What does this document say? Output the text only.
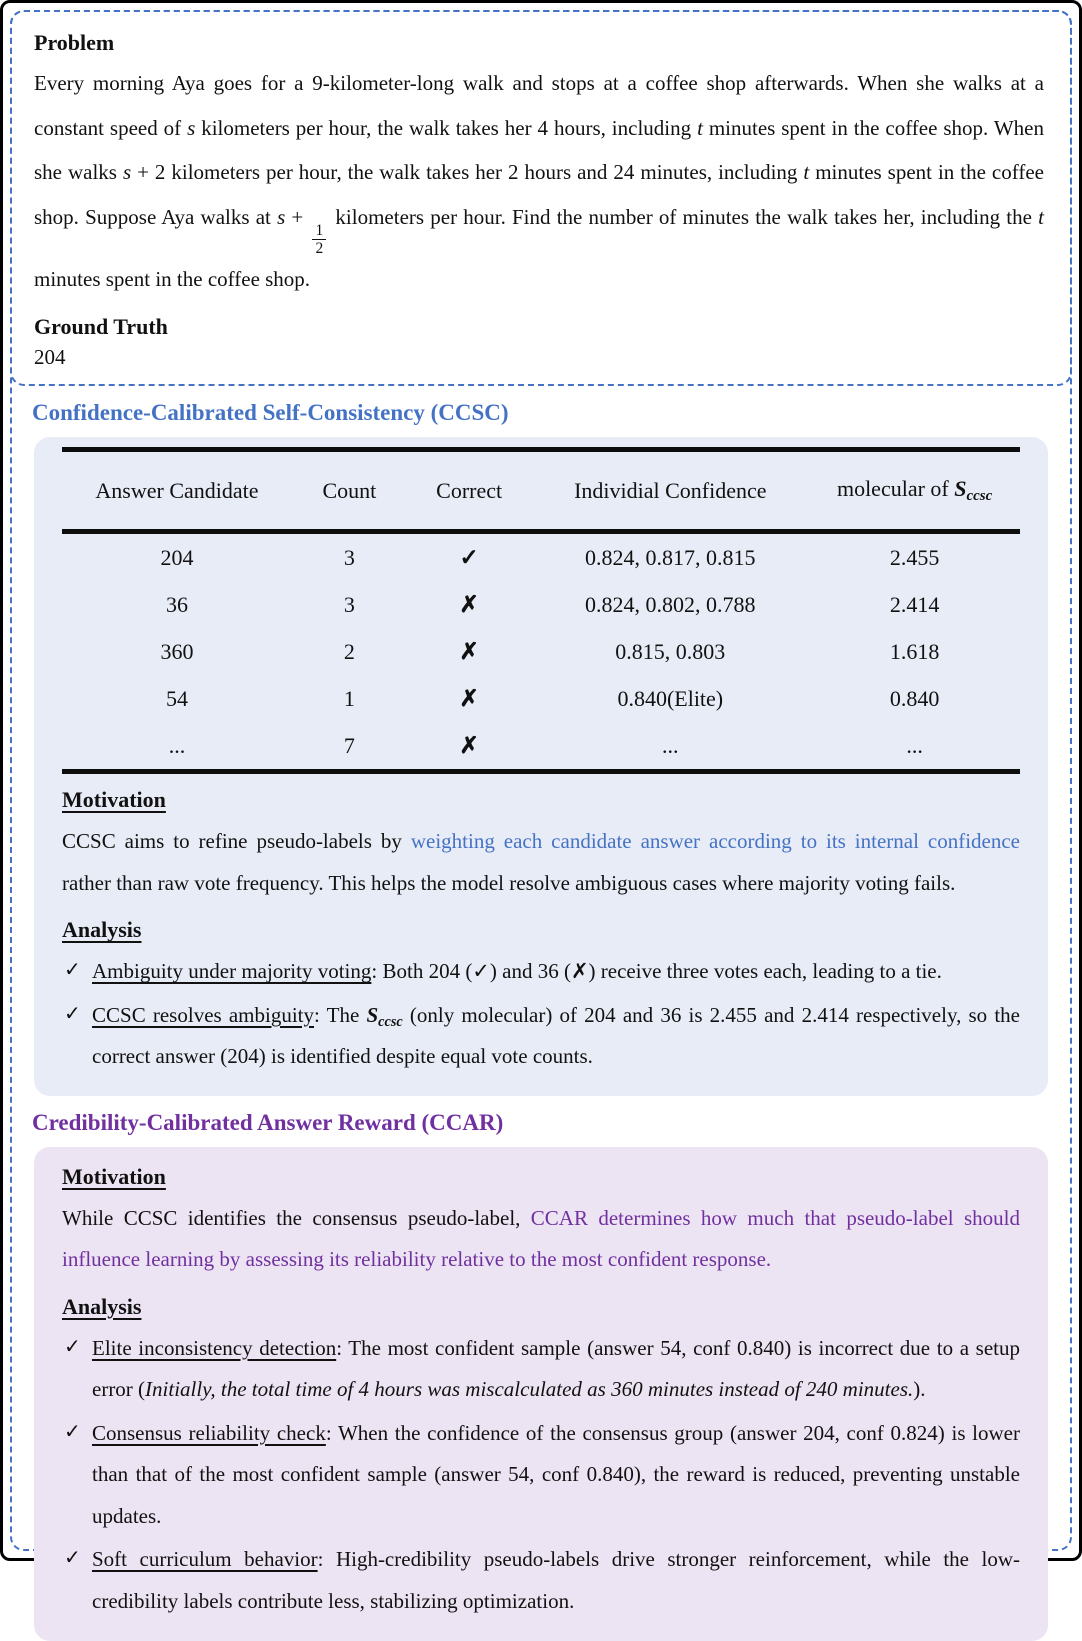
Problem

Every morning Aya goes for a 9-kilometer-long walk and stops at a coffee shop afterwards. When she walks at a constant speed of s kilometers per hour, the walk takes her 4 hours, including t minutes spent in the coffee shop. When she walks s + 2 kilometers per hour, the walk takes her 2 hours and 24 minutes, including t minutes spent in the coffee shop. Suppose Aya walks at s +
$\frac{1}{2}$
kilometers per hour. Find the number of minutes the walk takes her, including the t minutes spent in the coffee shop.

Ground Truth
204
Confidence-Calibrated Self-Consistency (CCSC)
Answer Candidate	Count	Correct	Individial Confidence	molecular of $S_{ccsc}$
204	3	✓	0.824, 0.817, 0.815	2.455
36	3	✗	0.824, 0.802, 0.788	2.414
360	2	✗	0.815, 0.803	1.618
54	1	✗	0.840(Elite)	0.840
...	7	✗	...	...
Motivation

CCSC aims to refine pseudo-labels by weighting each candidate answer according to its internal confidence rather than raw vote frequency. This helps the model resolve ambiguous cases where majority voting fails.

Analysis
✓ Ambiguity under majority voting: Both 204 (✓) and 36 (✗) receive three votes each, leading to a tie.
✓ CCSC resolves ambiguity: The $S_{ccsc}$ (only molecular) of 204 and 36 is 2.455 and 2.414 respectively, so the correct answer (204) is identified despite equal vote counts.
Credibility-Calibrated Answer Reward (CCAR)
Motivation

While CCSC identifies the consensus pseudo-label, CCAR determines how much that pseudo-label should influence learning by assessing its reliability relative to the most confident response.

Analysis
✓ Elite inconsistency detection: The most confident sample (answer 54, conf 0.840) is incorrect due to a setup error (Initially, the total time of 4 hours was miscalculated as 360 minutes instead of 240 minutes.).
✓ Consensus reliability check: When the confidence of the consensus group (answer 204, conf 0.824) is lower than that of the most confident sample (answer 54, conf 0.840), the reward is reduced, preventing unstable updates.
✓ Soft curriculum behavior: High-credibility pseudo-labels drive stronger reinforcement, while the low-credibility labels contribute less, stabilizing optimization.
